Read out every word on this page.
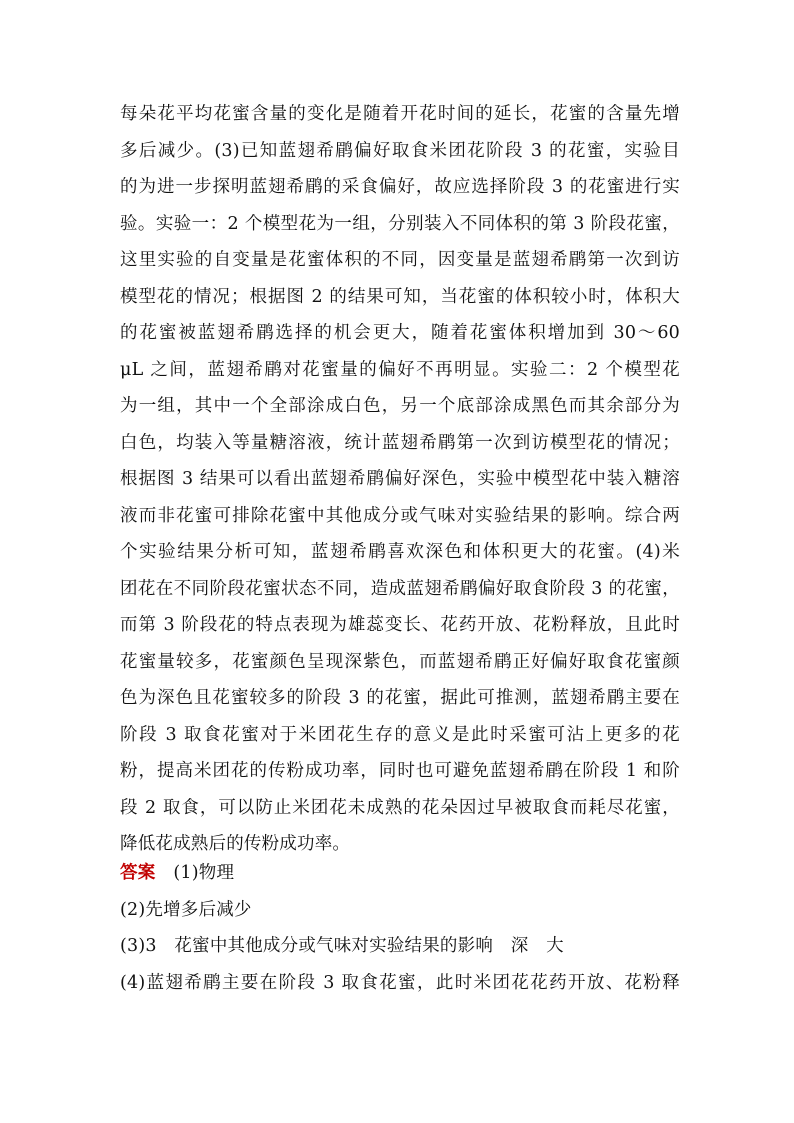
每朵花平均花蜜含量的变化是随着开花时间的延长，花蜜的含量先增
多后减少。(3)已知蓝翅希鹛偏好取食米团花阶段 3 的花蜜，实验目
的为进一步探明蓝翅希鹛的采食偏好，故应选择阶段 3 的花蜜进行实
验。实验一：2 个模型花为一组，分别装入不同体积的第 3 阶段花蜜，
这里实验的自变量是花蜜体积的不同，因变量是蓝翅希鹛第一次到访
模型花的情况；根据图 2 的结果可知，当花蜜的体积较小时，体积大
的花蜜被蓝翅希鹛选择的机会更大，随着花蜜体积增加到 30～60
μL 之间，蓝翅希鹛对花蜜量的偏好不再明显。实验二：2 个模型花
为一组，其中一个全部涂成白色，另一个底部涂成黑色而其余部分为
白色，均装入等量糖溶液，统计蓝翅希鹛第一次到访模型花的情况；
根据图 3 结果可以看出蓝翅希鹛偏好深色，实验中模型花中装入糖溶
液而非花蜜可排除花蜜中其他成分或气味对实验结果的影响。综合两
个实验结果分析可知，蓝翅希鹛喜欢深色和体积更大的花蜜。(4)米
团花在不同阶段花蜜状态不同，造成蓝翅希鹛偏好取食阶段 3 的花蜜，
而第 3 阶段花的特点表现为雄蕊变长、花药开放、花粉释放，且此时
花蜜量较多，花蜜颜色呈现深紫色，而蓝翅希鹛正好偏好取食花蜜颜
色为深色且花蜜较多的阶段 3 的花蜜，据此可推测，蓝翅希鹛主要在
阶段 3 取食花蜜对于米团花生存的意义是此时采蜜可沾上更多的花
粉，提高米团花的传粉成功率，同时也可避免蓝翅希鹛在阶段 1 和阶
段 2 取食，可以防止米团花未成熟的花朵因过早被取食而耗尽花蜜，
降低花成熟后的传粉成功率。
答案 (1)物理
(2)先增多后减少
(3)3　花蜜中其他成分或气味对实验结果的影响　深　大
(4)蓝翅希鹛主要在阶段 3 取食花蜜，此时米团花花药开放、花粉释
